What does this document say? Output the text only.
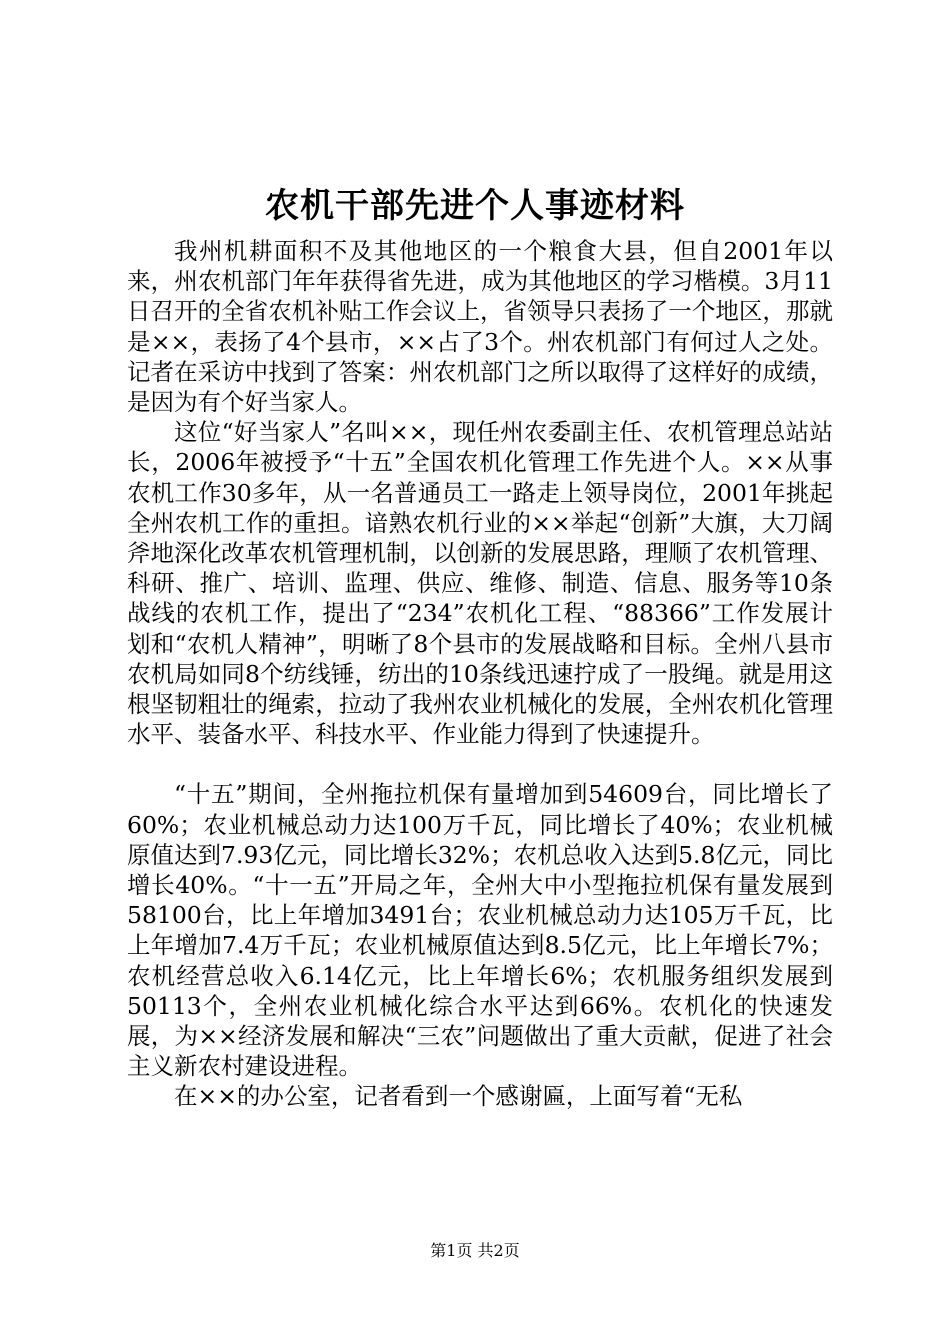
农机干部先进个人事迹材料

我州机耕面积不及其他地区的一个粮食大县，但自2001年以来，州农机部门年年获得省先进，成为其他地区的学习楷模。3月11日召开的全省农机补贴工作会议上，省领导只表扬了一个地区，那就是××，表扬了4个县市，××占了3个。州农机部门有何过人之处。记者在采访中找到了答案：州农机部门之所以取得了这样好的成绩，是因为有个好当家人。

这位“好当家人”名叫××，现任州农委副主任、农机管理总站站长，2006年被授予“十五”全国农机化管理工作先进个人。××从事农机工作30多年，从一名普通员工一路走上领导岗位，2001年挑起全州农机工作的重担。谙熟农机行业的××举起“创新”大旗，大刀阔斧地深化改革农机管理机制，以创新的发展思路，理顺了农机管理、科研、推广、培训、监理、供应、维修、制造、信息、服务等10条战线的农机工作，提出了“234”农机化工程、“88366”工作发展计划和“农机人精神”，明晰了8个县市的发展战略和目标。全州八县市农机局如同8个纺线锤，纺出的10条线迅速拧成了一股绳。就是用这根坚韧粗壮的绳索，拉动了我州农业机械化的发展，全州农机化管理水平、装备水平、科技水平、作业能力得到了快速提升。

“十五”期间，全州拖拉机保有量增加到54609台，同比增长了60%；农业机械总动力达100万千瓦，同比增长了40%；农业机械原值达到7.93亿元，同比增长32%；农机总收入达到5.8亿元，同比增长40%。“十一五”开局之年，全州大中小型拖拉机保有量发展到58100台，比上年增加3491台；农业机械总动力达105万千瓦，比上年增加7.4万千瓦；农业机械原值达到8.5亿元，比上年增长7%；农机经营总收入6.14亿元，比上年增长6%；农机服务组织发展到50113个，全州农业机械化综合水平达到66%。农机化的快速发展，为××经济发展和解决“三农”问题做出了重大贡献，促进了社会主义新农村建设进程。

在××的办公室，记者看到一个感谢匾，上面写着“无私

第1页 共2页
